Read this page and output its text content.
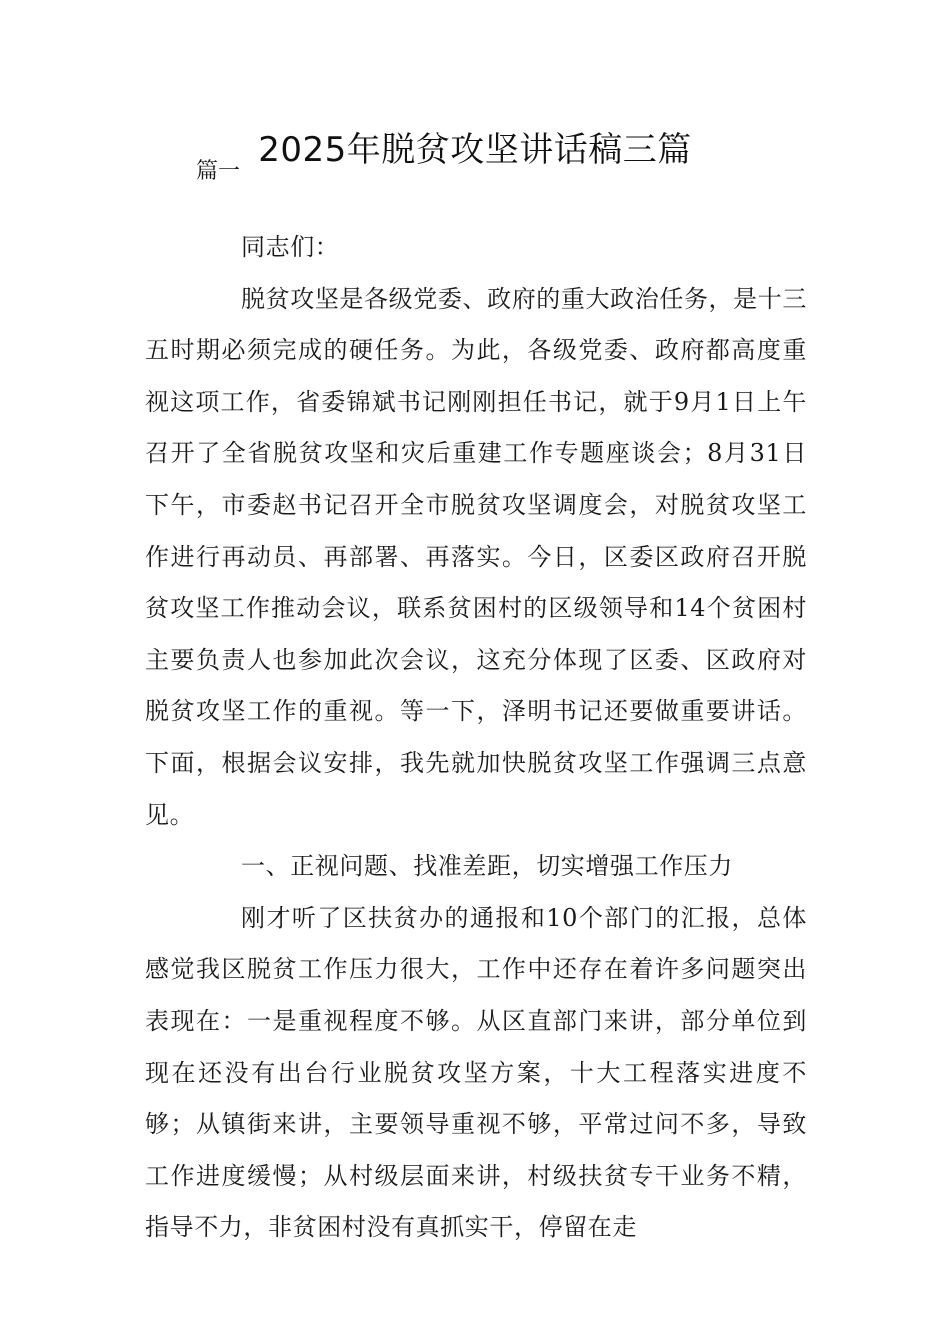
2025年脱贫攻坚讲话稿三篇
篇一

同志们：

脱贫攻坚是各级党委、政府的重大政治任务，是十三五时期必须完成的硬任务。为此，各级党委、政府都高度重视这项工作，省委锦斌书记刚刚担任书记，就于9月1日上午召开了全省脱贫攻坚和灾后重建工作专题座谈会；8月31日下午，市委赵书记召开全市脱贫攻坚调度会，对脱贫攻坚工作进行再动员、再部署、再落实。今日，区委区政府召开脱贫攻坚工作推动会议，联系贫困村的区级领导和14个贫困村主要负责人也参加此次会议，这充分体现了区委、区政府对脱贫攻坚工作的重视。等一下，泽明书记还要做重要讲话。下面，根据会议安排，我先就加快脱贫攻坚工作强调三点意见。

一、正视问题、找准差距，切实增强工作压力

刚才听了区扶贫办的通报和10个部门的汇报，总体感觉我区脱贫工作压力很大，工作中还存在着许多问题突出表现在：一是重视程度不够。从区直部门来讲，部分单位到现在还没有出台行业脱贫攻坚方案，十大工程落实进度不够；从镇街来讲，主要领导重视不够，平常过问不多，导致工作进度缓慢；从村级层面来讲，村级扶贫专干业务不精，指导不力，非贫困村没有真抓实干，停留在走
